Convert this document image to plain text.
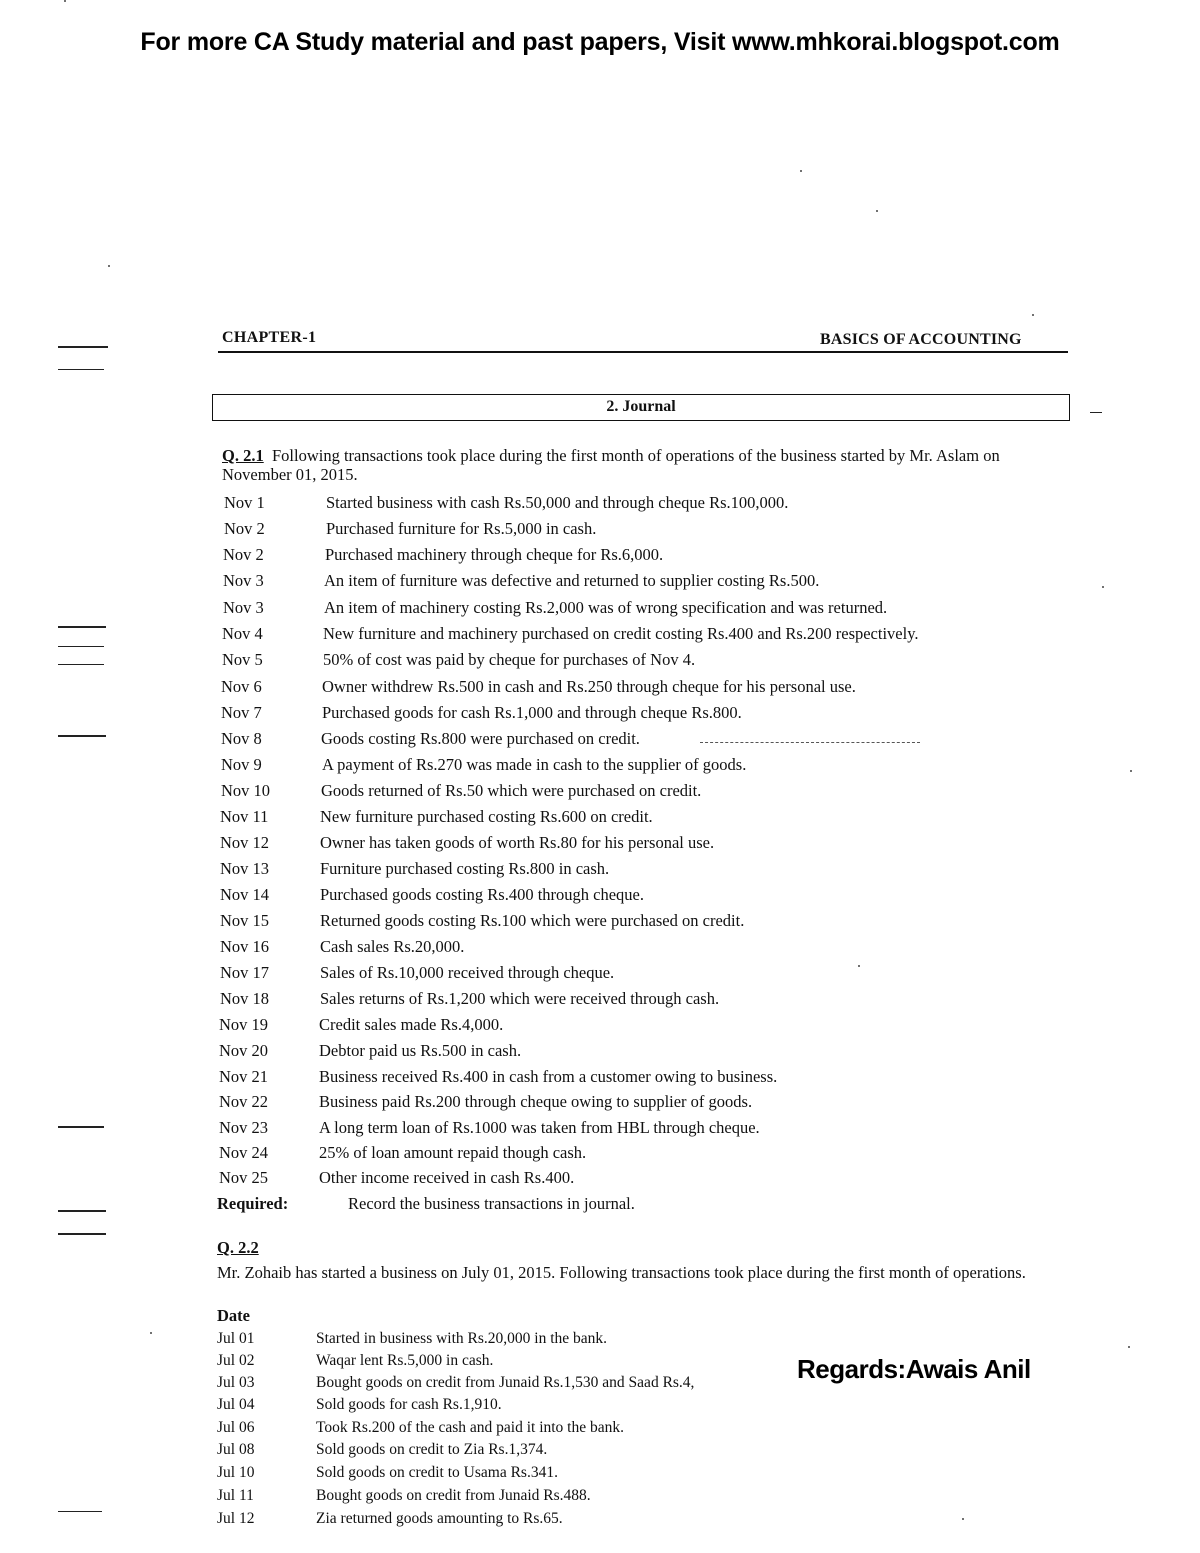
For more CA Study material and past papers, Visit www.mhkorai.blogspot.com
CHAPTER-1	BASICS OF ACCOUNTING
2. Journal
Q. 2.1 Following transactions took place during the first month of operations of the business started by Mr. Aslam on November 01, 2015.
Nov 1	Started business with cash Rs.50,000 and through cheque Rs.100,000.
Nov 2	Purchased furniture for Rs.5,000 in cash.
Nov 2	Purchased machinery through cheque for Rs.6,000.
Nov 3	An item of furniture was defective and returned to supplier costing Rs.500.
Nov 3	An item of machinery costing Rs.2,000 was of wrong specification and was returned.
Nov 4	New furniture and machinery purchased on credit costing Rs.400 and Rs.200 respectively.
Nov 5	50% of cost was paid by cheque for purchases of Nov 4.
Nov 6	Owner withdrew Rs.500 in cash and Rs.250 through cheque for his personal use.
Nov 7	Purchased goods for cash Rs.1,000 and through cheque Rs.800.
Nov 8	Goods costing Rs.800 were purchased on credit.
Nov 9	A payment of Rs.270 was made in cash to the supplier of goods.
Nov 10	Goods returned of Rs.50 which were purchased on credit.
Nov 11	New furniture purchased costing Rs.600 on credit.
Nov 12	Owner has taken goods of worth Rs.80 for his personal use.
Nov 13	Furniture purchased costing Rs.800 in cash.
Nov 14	Purchased goods costing Rs.400 through cheque.
Nov 15	Returned goods costing Rs.100 which were purchased on credit.
Nov 16	Cash sales Rs.20,000.
Nov 17	Sales of Rs.10,000 received through cheque.
Nov 18	Sales returns of Rs.1,200 which were received through cash.
Nov 19	Credit sales made Rs.4,000.
Nov 20	Debtor paid us Rs.500 in cash.
Nov 21	Business received Rs.400 in cash from a customer owing to business.
Nov 22	Business paid Rs.200 through cheque owing to supplier of goods.
Nov 23	A long term loan of Rs.1000 was taken from HBL through cheque.
Nov 24	25% of loan amount repaid though cash.
Nov 25	Other income received in cash Rs.400.
Required:	Record the business transactions in journal.
Q. 2.2
Mr. Zohaib has started a business on July 01, 2015. Following transactions took place during the first month of operations.
Date
Jul 01	Started in business with Rs.20,000 in the bank.
Jul 02	Waqar lent Rs.5,000 in cash.
Jul 03	Bought goods on credit from Junaid Rs.1,530 and Saad Rs.4,
Jul 04	Sold goods for cash Rs.1,910.
Jul 06	Took Rs.200 of the cash and paid it into the bank.
Jul 08	Sold goods on credit to Zia Rs.1,374.
Jul 10	Sold goods on credit to Usama Rs.341.
Jul 11	Bought goods on credit from Junaid Rs.488.
Jul 12	Zia returned goods amounting to Rs.65.
Regards:Awais Anil
